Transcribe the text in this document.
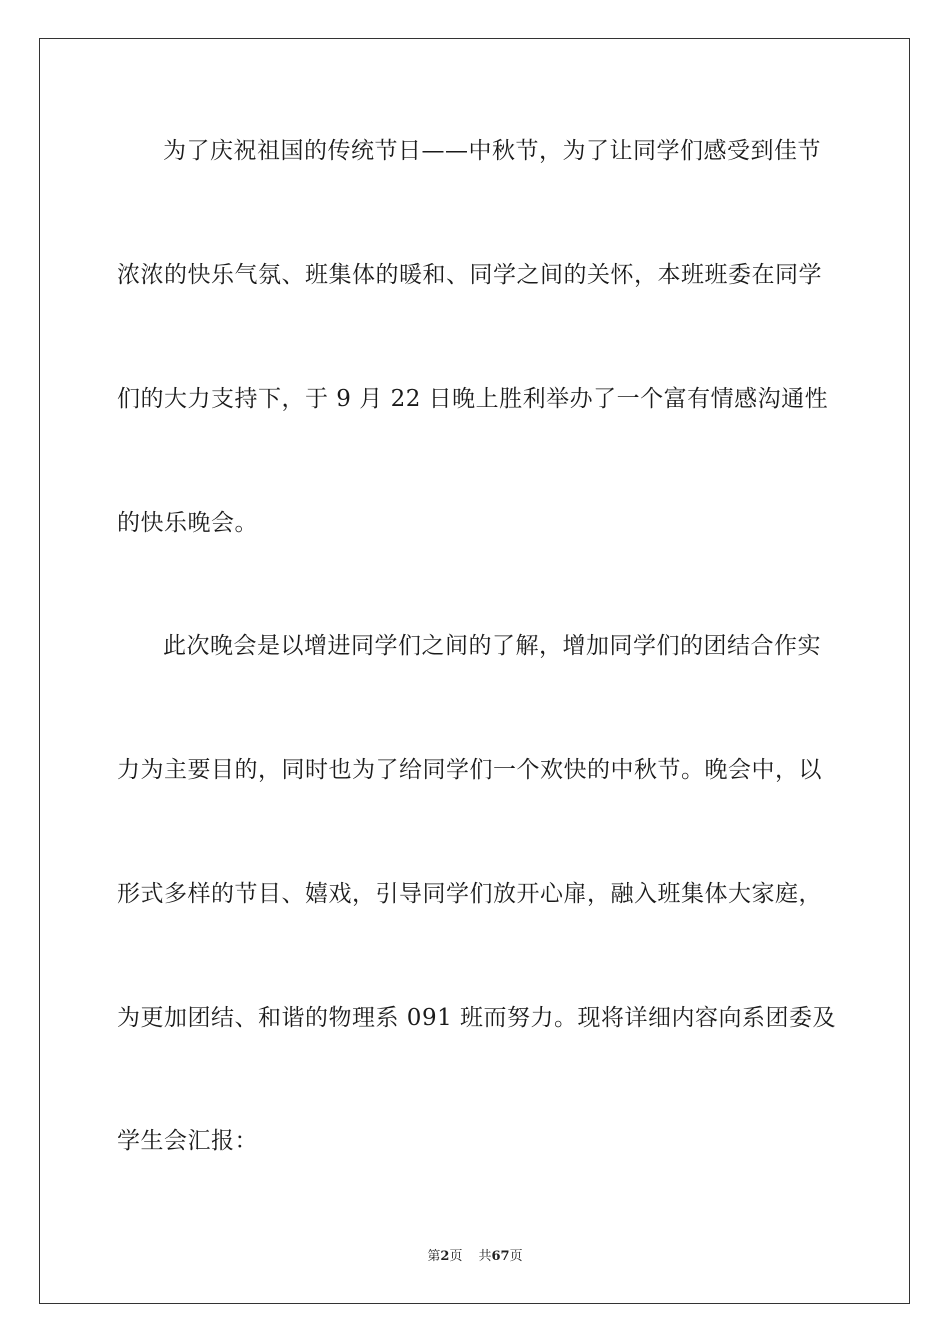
为了庆祝祖国的传统节日——中秋节，为了让同学们感受到佳节
浓浓的快乐气氛、班集体的暖和、同学之间的关怀，本班班委在同学
们的大力支持下，于 9 月 22 日晚上胜利举办了一个富有情感沟通性
的快乐晚会。
此次晚会是以增进同学们之间的了解，增加同学们的团结合作实
力为主要目的，同时也为了给同学们一个欢快的中秋节。晚会中，以
形式多样的节目、嬉戏，引导同学们放开心扉，融入班集体大家庭，
为更加团结、和谐的物理系 091 班而努力。现将详细内容向系团委及
学生会汇报：
第2页 共67页
